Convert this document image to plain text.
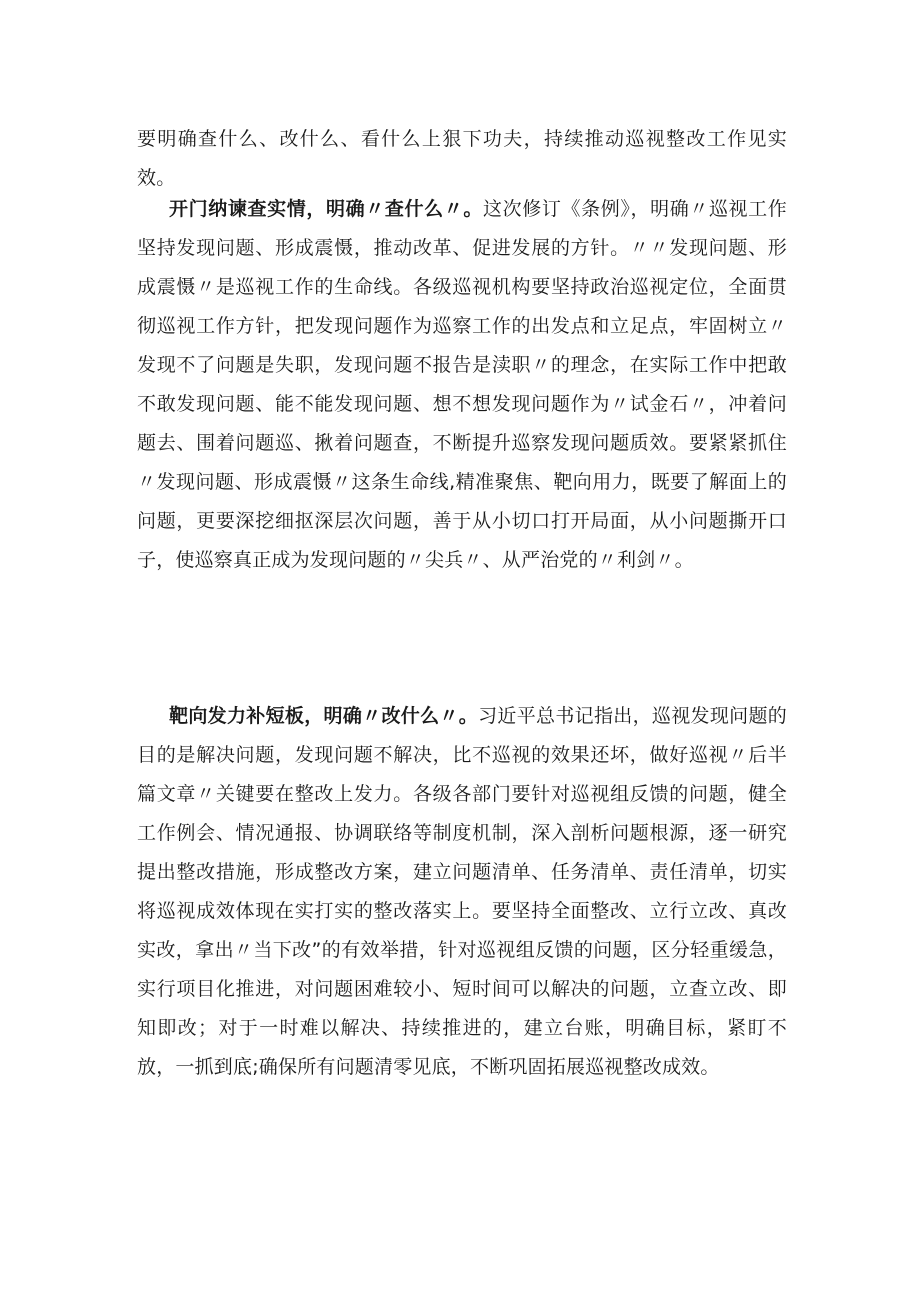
要明确查什么、改什么、看什么上狠下功夫，持续推动巡视整改工作见实效。

开门纳谏查实情，明确〃查什么〃。这次修订《条例》，明确〃巡视工作坚持发现问题、形成震慑，推动改革、促进发展的方针。〃〃发现问题、形成震慑〃是巡视工作的生命线。各级巡视机构要坚持政治巡视定位，全面贯彻巡视工作方针，把发现问题作为巡察工作的出发点和立足点，牢固树立〃发现不了问题是失职，发现问题不报告是渎职〃的理念，在实际工作中把敢不敢发现问题、能不能发现问题、想不想发现问题作为〃试金石〃，冲着问题去、围着问题巡、揪着问题查，不断提升巡察发现问题质效。要紧紧抓住〃发现问题、形成震慑〃这条生命线,精准聚焦、靶向用力，既要了解面上的问题，更要深挖细抠深层次问题，善于从小切口打开局面，从小问题撕开口子，使巡察真正成为发现问题的〃尖兵〃、从严治党的〃利剑〃。

靶向发力补短板，明确〃改什么〃。习近平总书记指出，巡视发现问题的目的是解决问题，发现问题不解决，比不巡视的效果还坏，做好巡视〃后半篇文章〃关键要在整改上发力。各级各部门要针对巡视组反馈的问题，健全工作例会、情况通报、协调联络等制度机制，深入剖析问题根源，逐一研究提出整改措施，形成整改方案，建立问题清单、任务清单、责任清单，切实将巡视成效体现在实打实的整改落实上。要坚持全面整改、立行立改、真改实改，拿出〃当下改”的有效举措，针对巡视组反馈的问题，区分轻重缓急，实行项目化推进，对问题困难较小、短时间可以解决的问题，立查立改、即知即改；对于一时难以解决、持续推进的，建立台账，明确目标，紧盯不放，一抓到底;确保所有问题清零见底，不断巩固拓展巡视整改成效。
